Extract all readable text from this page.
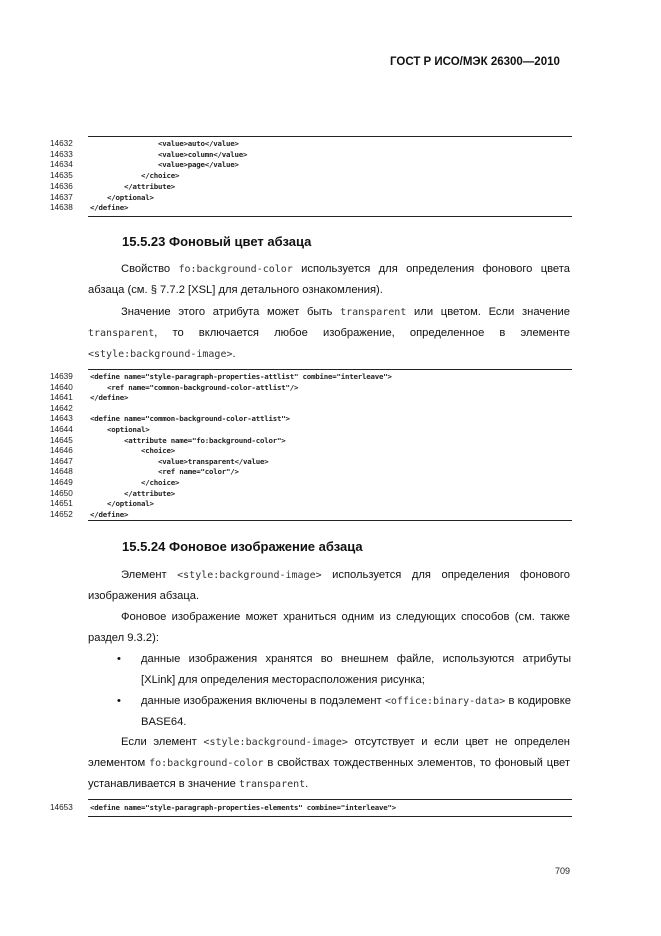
ГОСТ Р ИСО/МЭК 26300—2010
14632
14633
14634
14635
14636
14637
14638
<value>auto</value>
<value>column</value>
<value>page</value>
</choice>
</attribute>
</optional>
</define>
15.5.23 Фоновый цвет абзаца
Свойство fo:background-color используется для определения фонового цвета абзаца (см. § 7.7.2 [XSL] для детального ознакомления).
Значение этого атрибута может быть transparent или цветом. Если значение transparent, то включается любое изображение, определенное в элементе <style:background-image>.
14639
14640
14641
14642
14643
14644
14645
14646
14647
14648
14649
14650
14651
14652
<define name="style-paragraph-properties-attlist" combine="interleave">
<ref name="common-background-color-attlist"/>
</define>

<define name="common-background-color-attlist">
<optional>
<attribute name="fo:background-color">
<choice>
<value>transparent</value>
<ref name="color"/>
</choice>
</attribute>
</optional>
</define>
15.5.24 Фоновое изображение абзаца
Элемент <style:background-image> используется для определения фонового изображения абзаца.
Фоновое изображение может храниться одним из следующих способов (см. также раздел 9.3.2):
• данные изображения хранятся во внешнем файле, используются атрибуты [XLink] для определения месторасположения рисунка;
• данные изображения включены в подэлемент <office:binary-data> в кодировке BASE64.
Если элемент <style:background-image> отсутствует и если цвет не определен элементом fo:background-color в свойствах тождественных элементов, то фоновый цвет устанавливается в значение transparent.
14653 <define name="style-paragraph-properties-elements" combine="interleave">
709
